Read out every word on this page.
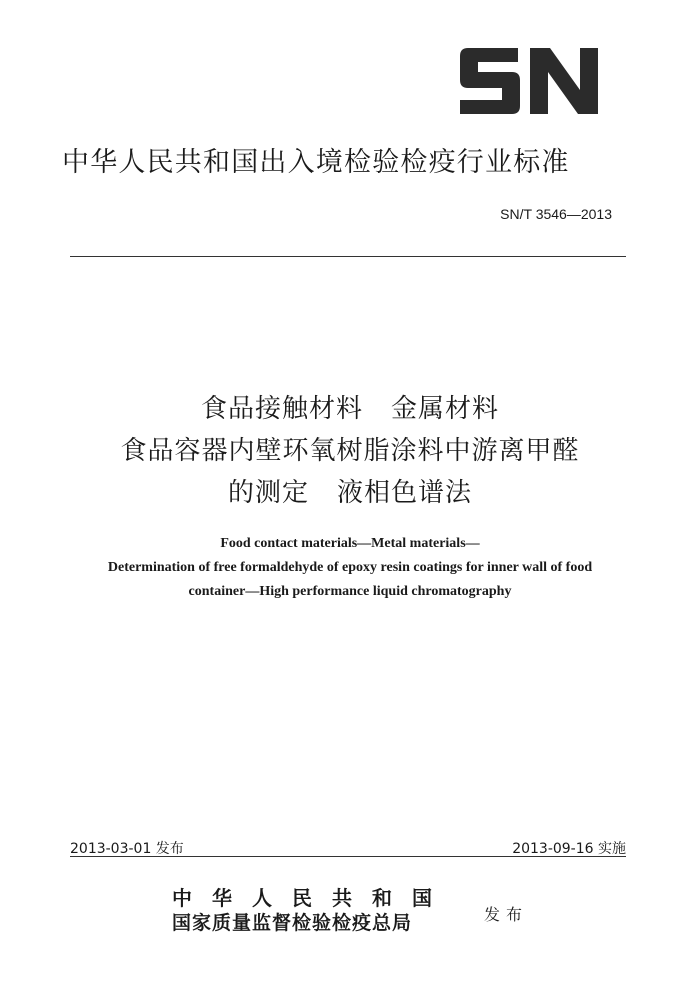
中华人民共和国出入境检验检疫行业标准
SN/T 3546—2013
食品接触材料 金属材料
食品容器内壁环氧树脂涂料中游离甲醛
的测定 液相色谱法
Food contact materials—Metal materials—
Determination of free formaldehyde of epoxy resin coatings for inner wall of food
container—High performance liquid chromatography
2013-03-01 发布	2013-09-16 实施
中华人民共和国
国家质量监督检验检疫总局	发布
